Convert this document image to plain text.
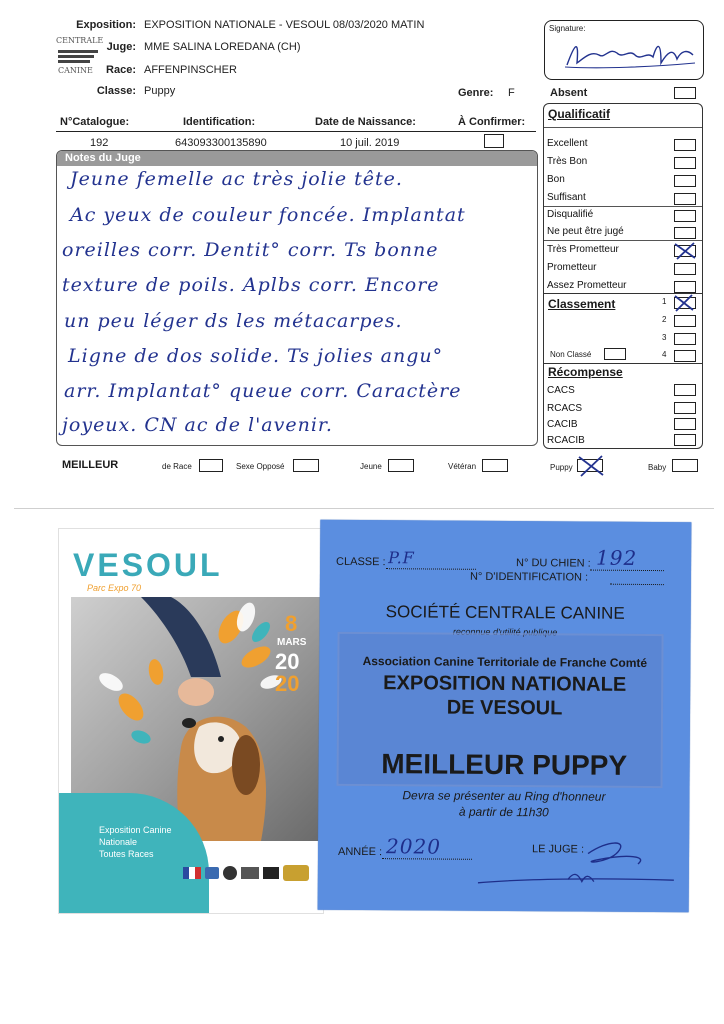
CENTRALE
CANINE
Exposition: EXPOSITION NATIONALE - VESOUL 08/03/2020 MATIN
Juge: MME SALINA LOREDANA (CH)
Race: AFFENPINSCHER
Classe: Puppy	Genre: F	Absent
Signature:
N°Catalogue:	Identification:	Date de Naissance:	À Confirmer:
192	643093300135890	10 juil. 2019
Notes du Juge
Jeune femelle ac très jolie tête.
Ac yeux de couleur foncée. Implantat
oreilles corr. Dentit° corr. Ts bonne
texture de poils. Aplbs corr. Encore
un peu léger ds les métacarpes.
Ligne de dos solide. Ts jolies angu°
arr. Implantat° queue corr. Caractère
joyeux. CN ac de l'avenir.
Qualificatif
Excellent
Très Bon
Bon
Suffisant
Disqualifié
Ne peut être jugé
Très Prometteur
Prometteur
Assez Prometteur
Classement	1
2
3
Non Classé	4
Récompense
CACS
RCACS
CACIB
RCACIB
MEILLEUR	de Race	Sexe Opposé	Jeune	Vétéran	Puppy	Baby
VESOUL
Parc Expo 70
8
MARS
20
20
Exposition Canine
Nationale
Toutes Races
CLASSE : P.F	N° DU CHIEN : 192
N° D'IDENTIFICATION :
SOCIÉTÉ CENTRALE CANINE
reconnue d'utilité publique
Association Canine Territoriale de Franche Comté
EXPOSITION NATIONALE
DE VESOUL
MEILLEUR PUPPY
Devra se présenter au Ring d'honneur
à partir de 11h30
ANNÉE : 2020	LE JUGE :
